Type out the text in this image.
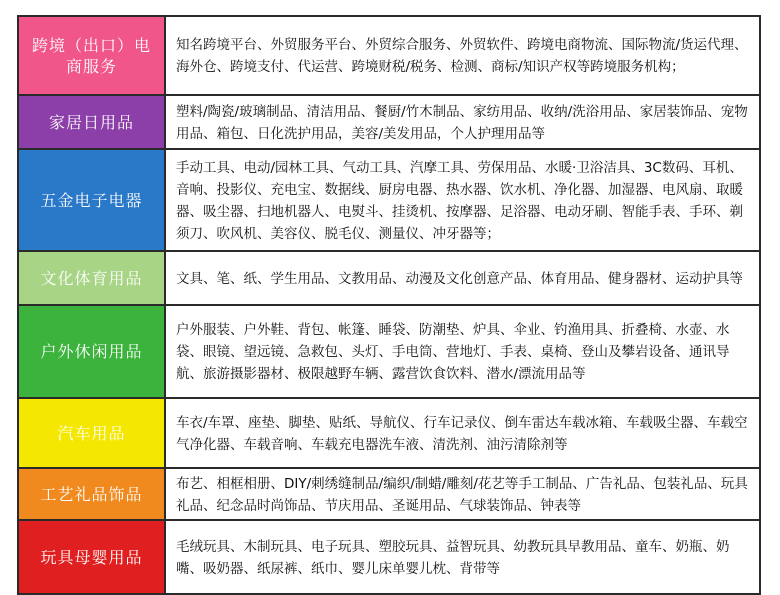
跨境（出口）电商服务
知名跨境平台、外贸服务平台、外贸综合服务、外贸软件、跨境电商物流、国际物流/货运代理、海外仓、跨境支付、代运营、跨境财税/税务、检测、商标/知识产权等跨境服务机构；
家居日用品
塑料/陶瓷/玻璃制品、清洁用品、餐厨/竹木制品、家纺用品、收纳/洗浴用品、家居装饰品、宠物用品、箱包、日化洗护用品，美容/美发用品，个人护理用品等
五金电子电器
手动工具、电动/园林工具、气动工具、汽摩工具、劳保用品、水暖·卫浴洁具、3C数码、耳机、音响、投影仪、充电宝、数据线、厨房电器、热水器、饮水机、净化器、加湿器、电风扇、取暖器、吸尘器、扫地机器人、电熨斗、挂烫机、按摩器、足浴器、电动牙刷、智能手表、手环、剃须刀、吹风机、美容仪、脱毛仪、测量仪、冲牙器等；
文化体育用品	文具、笔、纸、学生用品、文教用品、动漫及文化创意产品、体育用品、健身器材、运动护具等
户外休闲用品
户外服装、户外鞋、背包、帐篷、睡袋、防潮垫、炉具、伞业、钓渔用具、折叠椅、水壶、水袋、眼镜、望远镜、急救包、头灯、手电筒、营地灯、手表、桌椅、登山及攀岩设备、通讯导航、旅游摄影器材、极限越野车辆、露营饮食饮料、潜水/漂流用品等
汽车用品
车衣/车罩、座垫、脚垫、贴纸、导航仪、行车记录仪、倒车雷达车载冰箱、车载吸尘器、车载空气净化器、车载音响、车载充电器洗车液、清洗剂、油污清除剂等
工艺礼品饰品
布艺、相框相册、DIY/刺绣缝制品/编织/制蜡/雕刻/花艺等手工制品、广告礼品、包装礼品、玩具礼品、纪念品时尚饰品、节庆用品、圣诞用品、气球装饰品、钟表等
玩具母婴用品
毛绒玩具、木制玩具、电子玩具、塑胶玩具、益智玩具、幼教玩具早教用品、童车、奶瓶、奶嘴、吸奶器、纸尿裤、纸巾、婴儿床单婴儿枕、背带等
